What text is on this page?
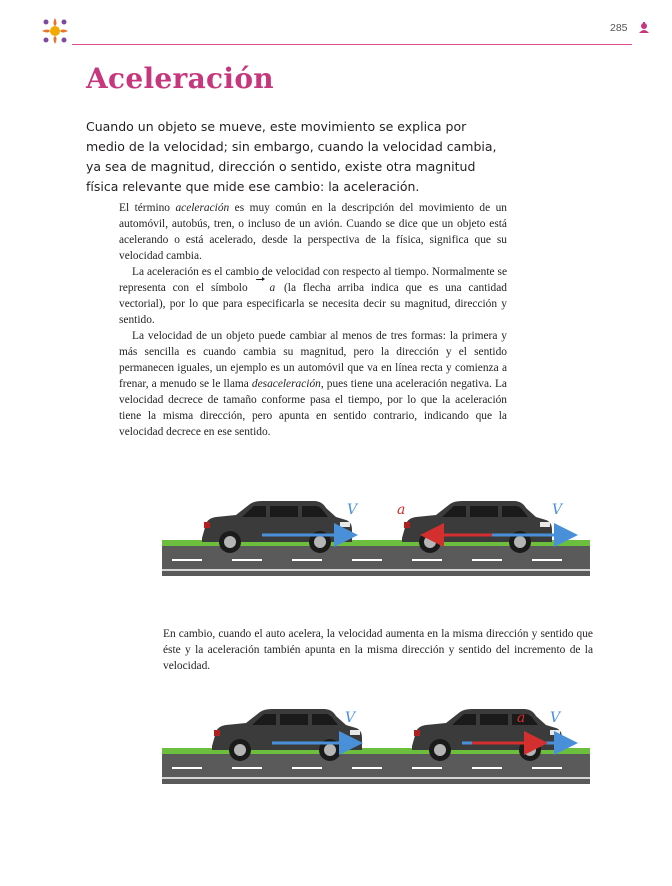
285
Aceleración

Cuando un objeto se mueve, este movimiento se explica por medio de la velocidad; sin embargo, cuando la velocidad cambia, ya sea de magnitud, dirección o sentido, existe otra magnitud física relevante que mide ese cambio: la aceleración.

El término aceleración es muy común en la descripción del movimiento de un automóvil, autobús, tren, o incluso de un avión. Cuando se dice que un objeto está acelerando o está acelerado, desde la perspectiva de la física, significa que su velocidad cambia.

La aceleración es el cambio de velocidad con respecto al tiempo. Normalmente se representa con el símbolo a (la flecha arriba indica que es una cantidad vectorial), por lo que para especificarla se necesita decir su magnitud, dirección y sentido.

La velocidad de un objeto puede cambiar al menos de tres formas: la primera y más sencilla es cuando cambia su magnitud, pero la dirección y el sentido permanecen iguales, un ejemplo es un automóvil que va en línea recta y comienza a frenar, a menudo se le llama desaceleración, pues tiene una aceleración negativa. La velocidad decrece de tamaño conforme pasa el tiempo, por lo que la aceleración tiene la misma dirección, pero apunta en sentido contrario, indicando que la velocidad decrece en ese sentido.

V	a	V

En cambio, cuando el auto acelera, la velocidad aumenta en la misma dirección y sentido que éste y la aceleración también apunta en la misma dirección y sentido del incremento de la velocidad.

V	a V
